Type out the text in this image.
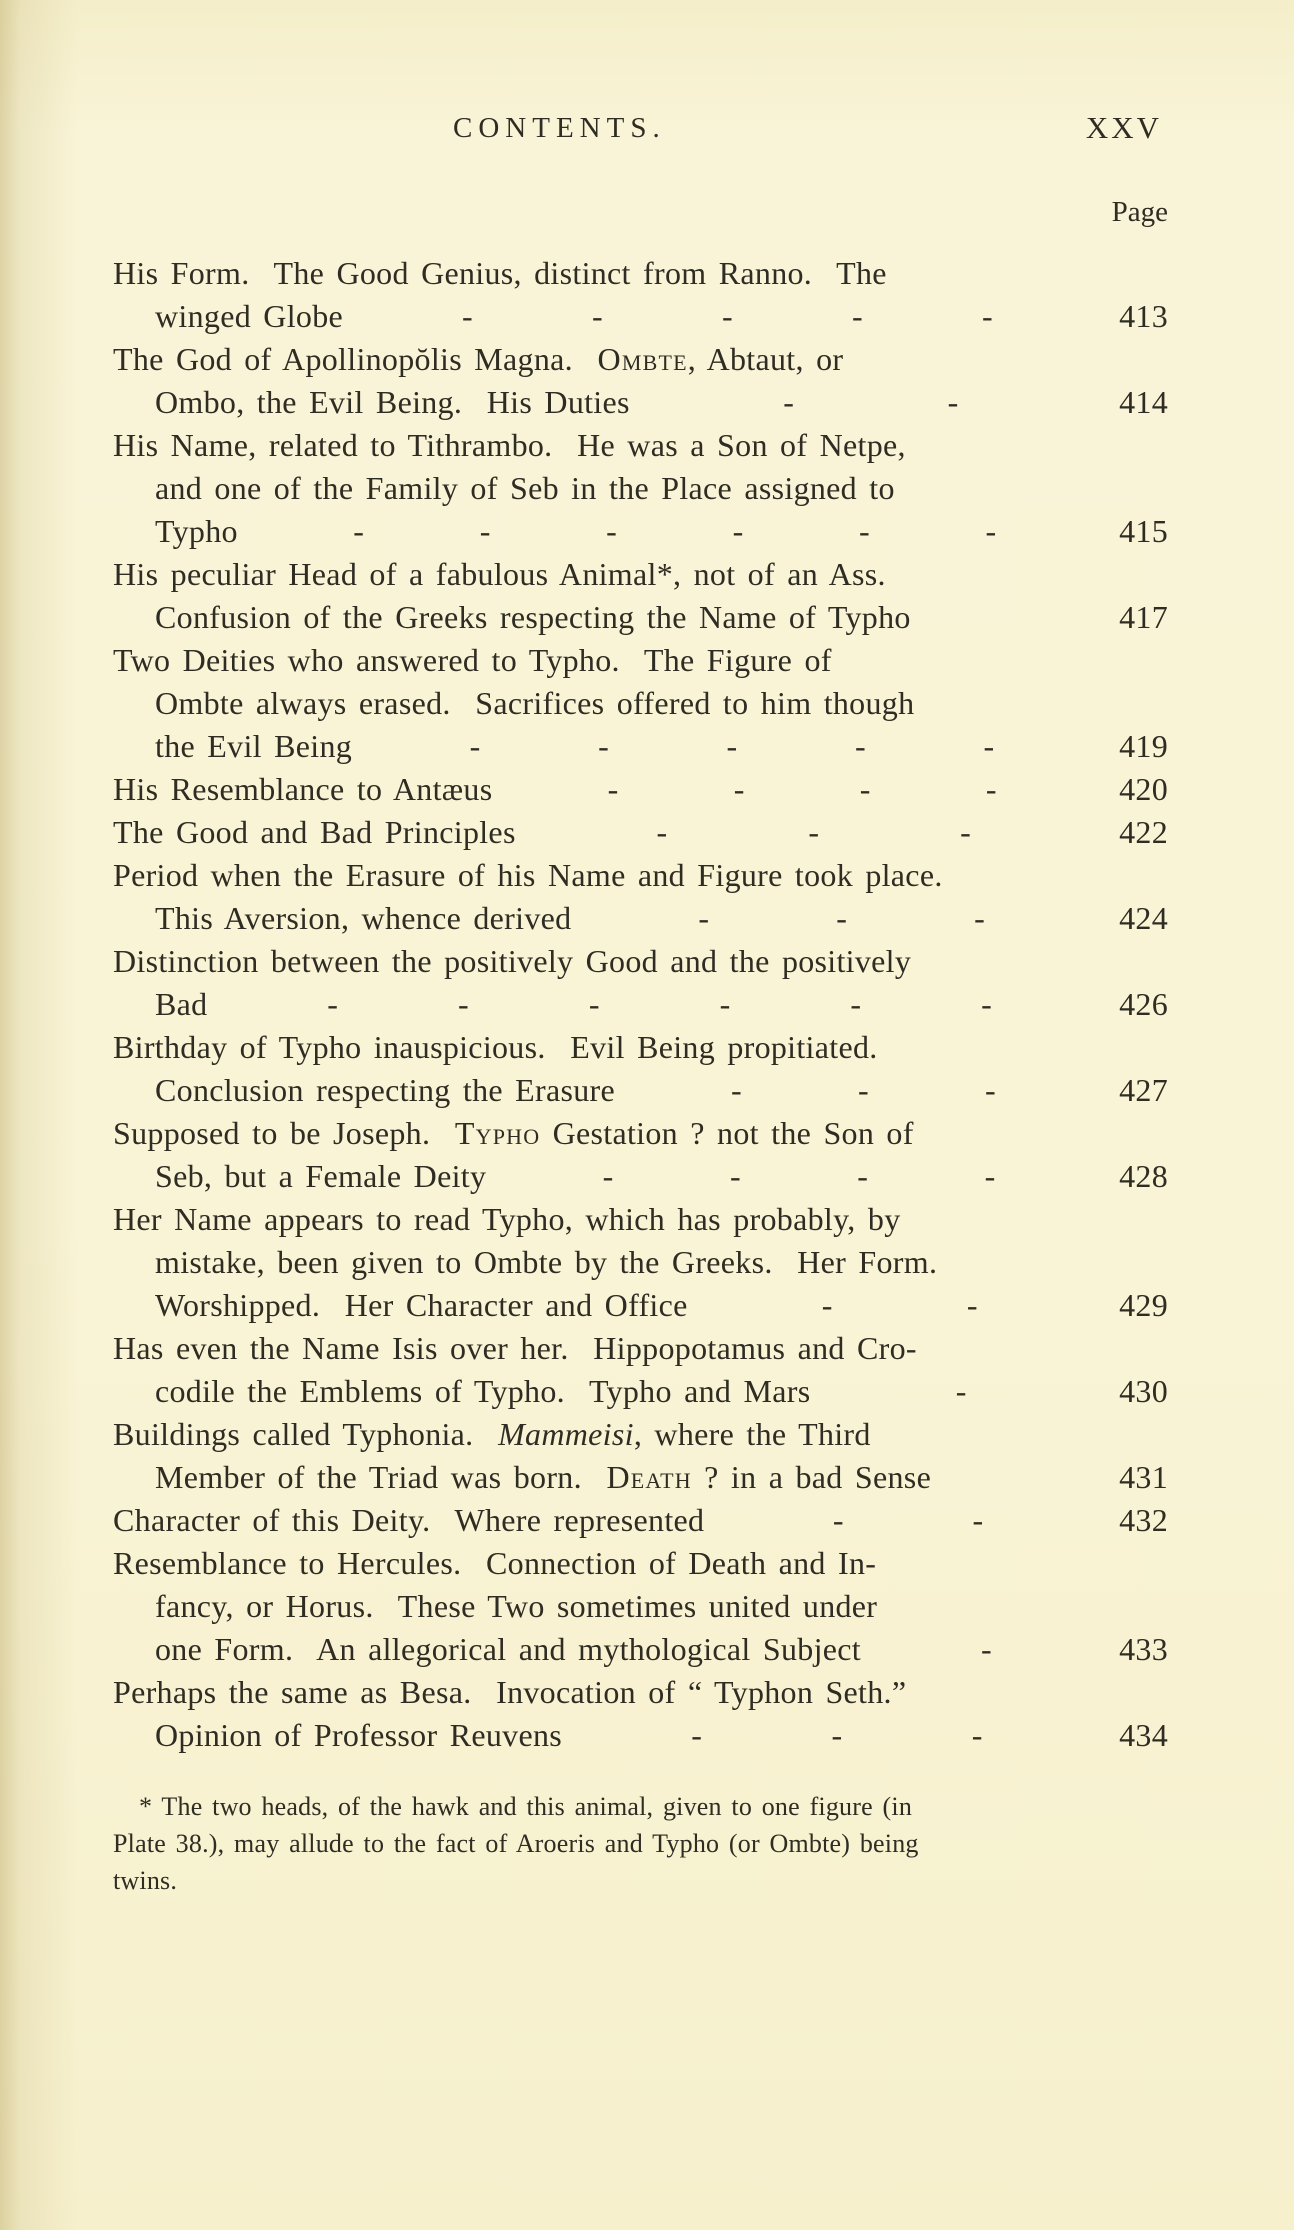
CONTENTS.	XXV
Page
His Form.  The Good Genius, distinct from Ranno.  The
winged Globe	-	-	-	-	-	413
The God of Apollinopŏlis Magna.  Ombte, Abtaut, or
Ombo, the Evil Being.  His Duties	-	-	414
His Name, related to Tithrambo.  He was a Son of Netpe,
and one of the Family of Seb in the Place assigned to
Typho	-	-	-	-	-	-	415
His peculiar Head of a fabulous Animal*, not of an Ass.
Confusion of the Greeks respecting the Name of Typho	417
Two Deities who answered to Typho.  The Figure of
Ombte always erased.  Sacrifices offered to him though
the Evil Being	-	-	-	-	-	419
His Resemblance to Antæus	-	-	-	-	420
The Good and Bad Principles	-	-	-	422
Period when the Erasure of his Name and Figure took place.
This Aversion, whence derived	-	-	-	424
Distinction between the positively Good and the positively
Bad	-	-	-	-	-	-	426
Birthday of Typho inauspicious.  Evil Being propitiated.
Conclusion respecting the Erasure	-	-	-	427
Supposed to be Joseph.  Typho Gestation ? not the Son of
Seb, but a Female Deity	-	-	-	-	428
Her Name appears to read Typho, which has probably, by
mistake, been given to Ombte by the Greeks.  Her Form.
Worshipped.  Her Character and Office	-	-	429
Has even the Name Isis over her.  Hippopotamus and Cro-
codile the Emblems of Typho.  Typho and Mars	-	430
Buildings called Typhonia.  Mammeisi, where the Third
Member of the Triad was born.  Death ? in a bad Sense	431
Character of this Deity.  Where represented	-	-	432
Resemblance to Hercules.  Connection of Death and In-
fancy, or Horus.  These Two sometimes united under
one Form.  An allegorical and mythological Subject	-	433
Perhaps the same as Besa.  Invocation of “ Typhon Seth.”
Opinion of Professor Reuvens	-	-	-	434
* The two heads, of the hawk and this animal, given to one figure (in
Plate 38.), may allude to the fact of Aroeris and Typho (or Ombte) being
twins.
